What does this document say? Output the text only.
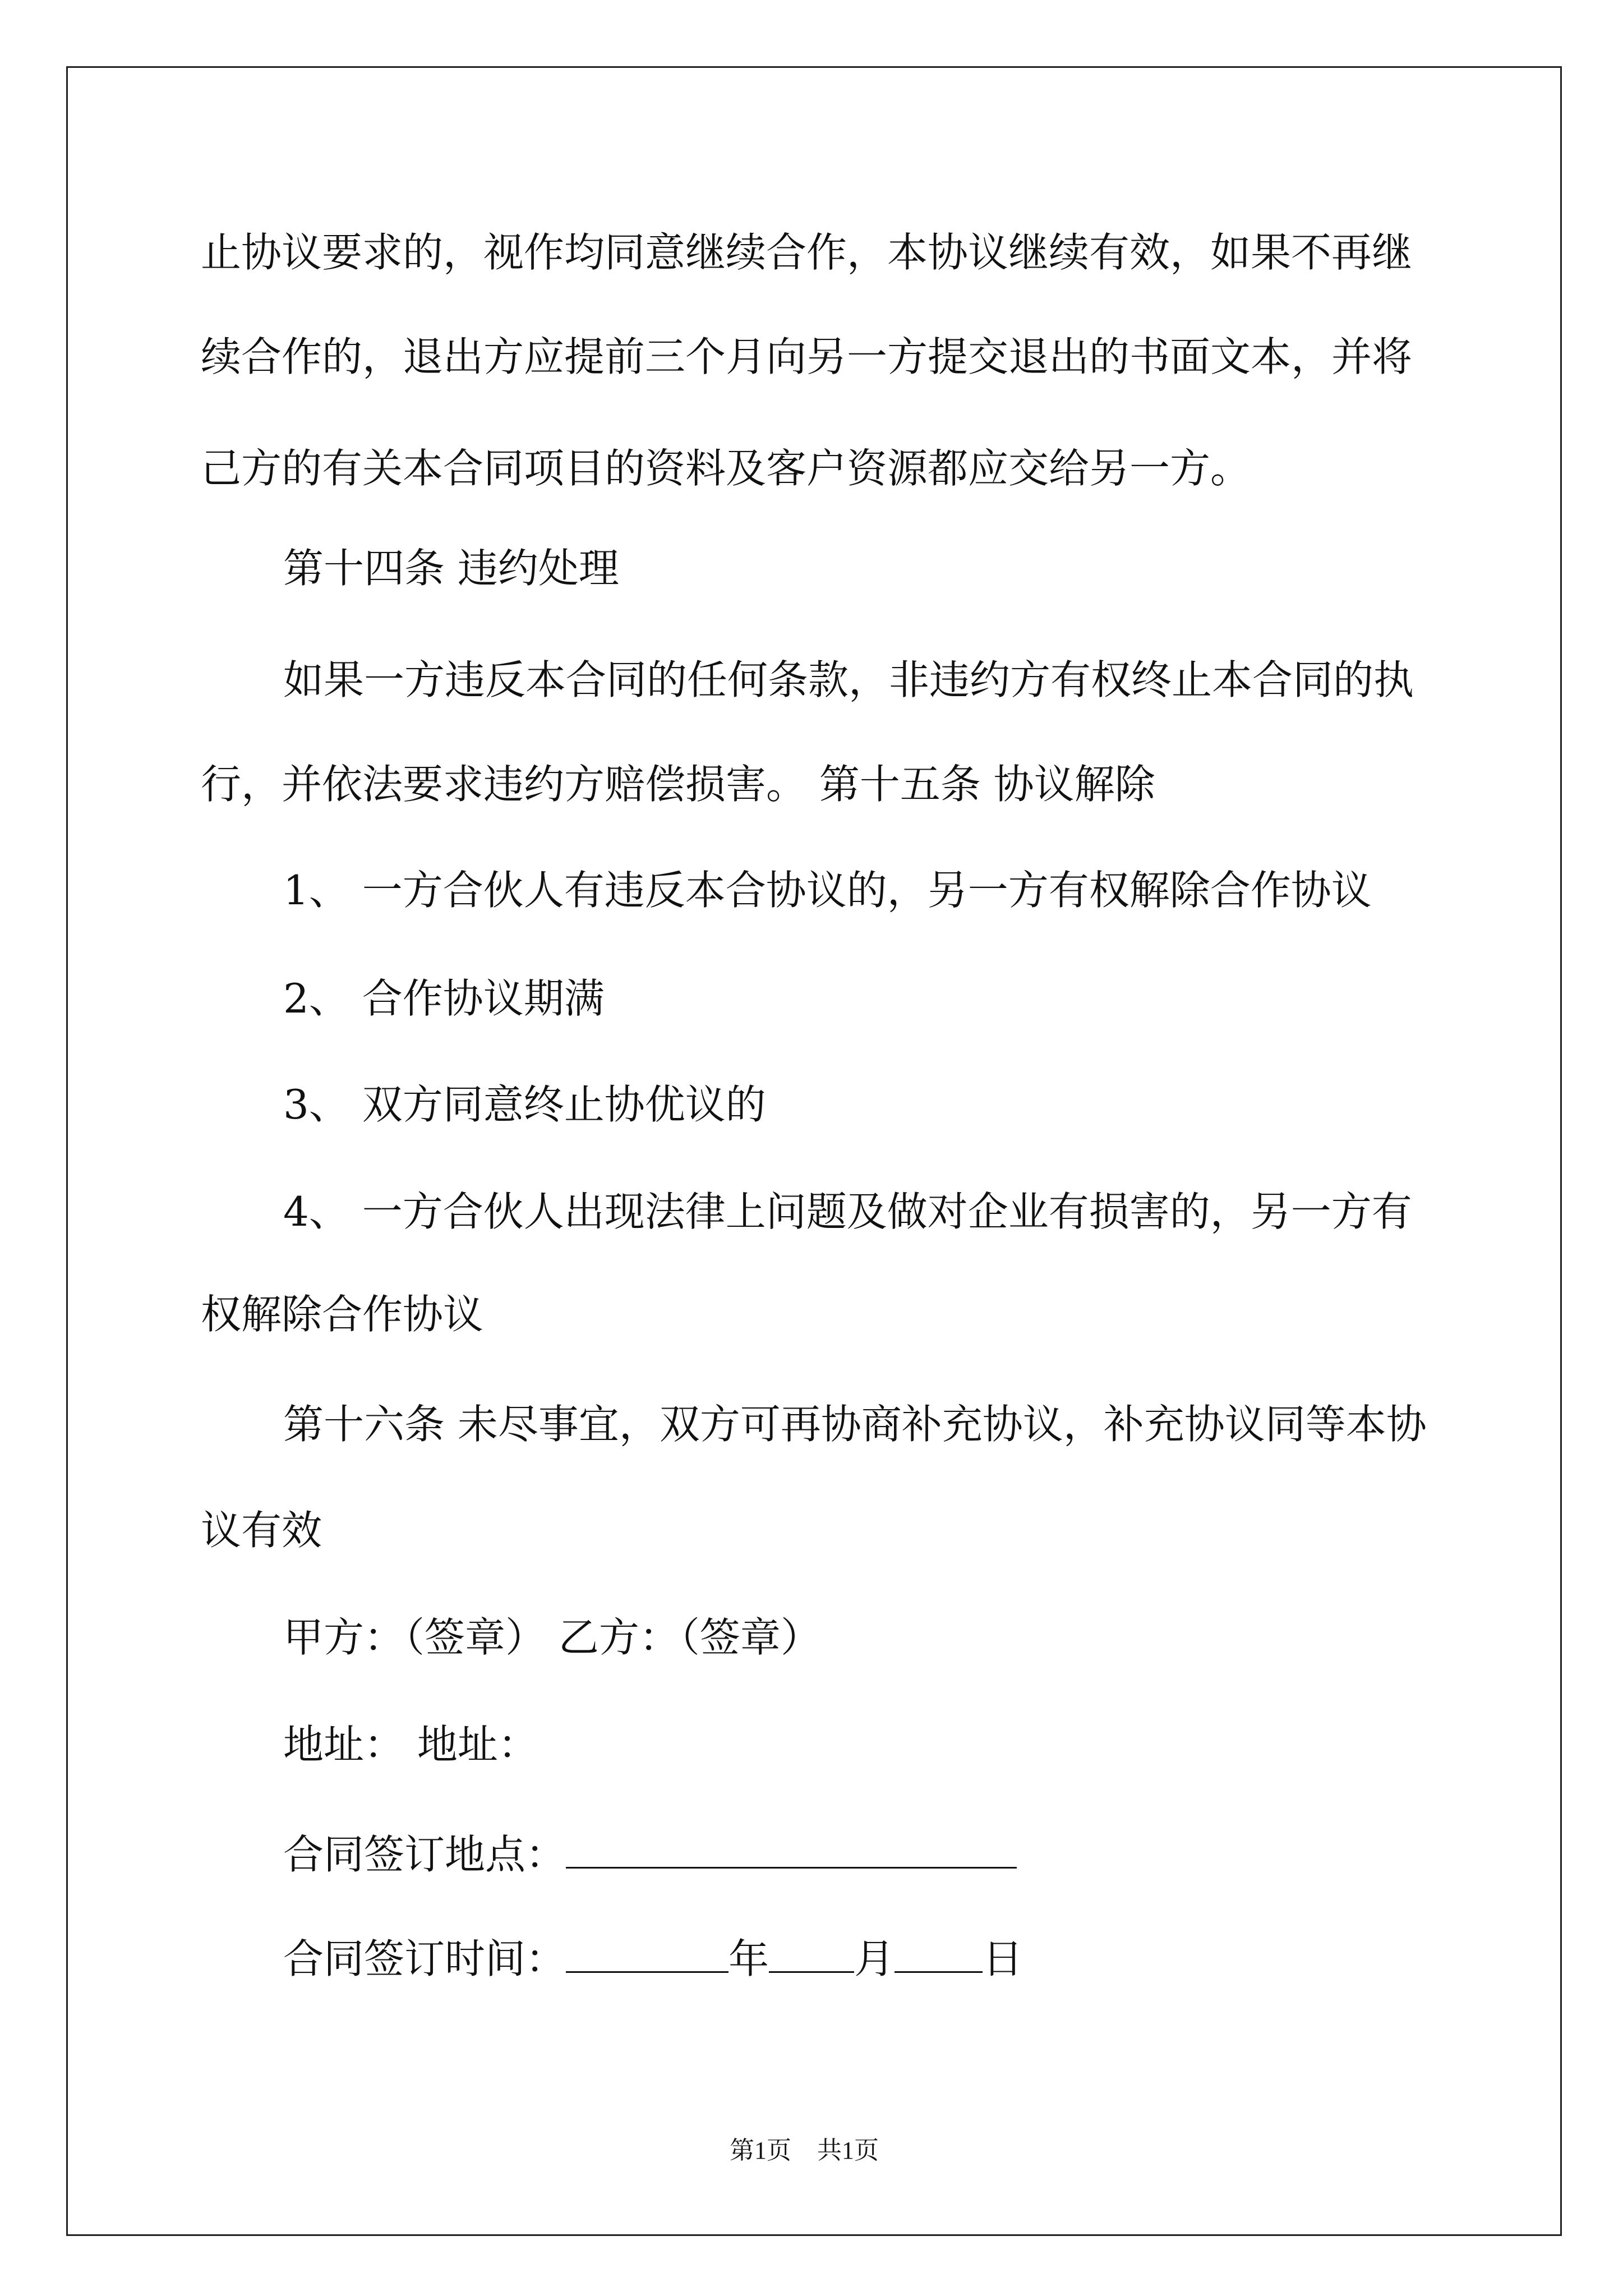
止协议要求的，视作均同意继续合作，本协议继续有效，如果不再继
续合作的，退出方应提前三个月向另一方提交退出的书面文本，并将
己方的有关本合同项目的资料及客户资源都应交给另一方。
第十四条 违约处理
如果一方违反本合同的任何条款，非违约方有权终止本合同的执
行，并依法要求违约方赔偿损害。 第十五条 协议解除
1、 一方合伙人有违反本合协议的，另一方有权解除合作协议
2、 合作协议期满
3、 双方同意终止协优议的
4、 一方合伙人出现法律上问题及做对企业有损害的，另一方有
权解除合作协议
第十六条 未尽事宜，双方可再协商补充协议，补充协议同等本协
议有效
甲方：（签章） 乙方：（签章）
地址： 地址：
合同签订地点：
合同签订时间：	年 月 日
第1页 共1页
